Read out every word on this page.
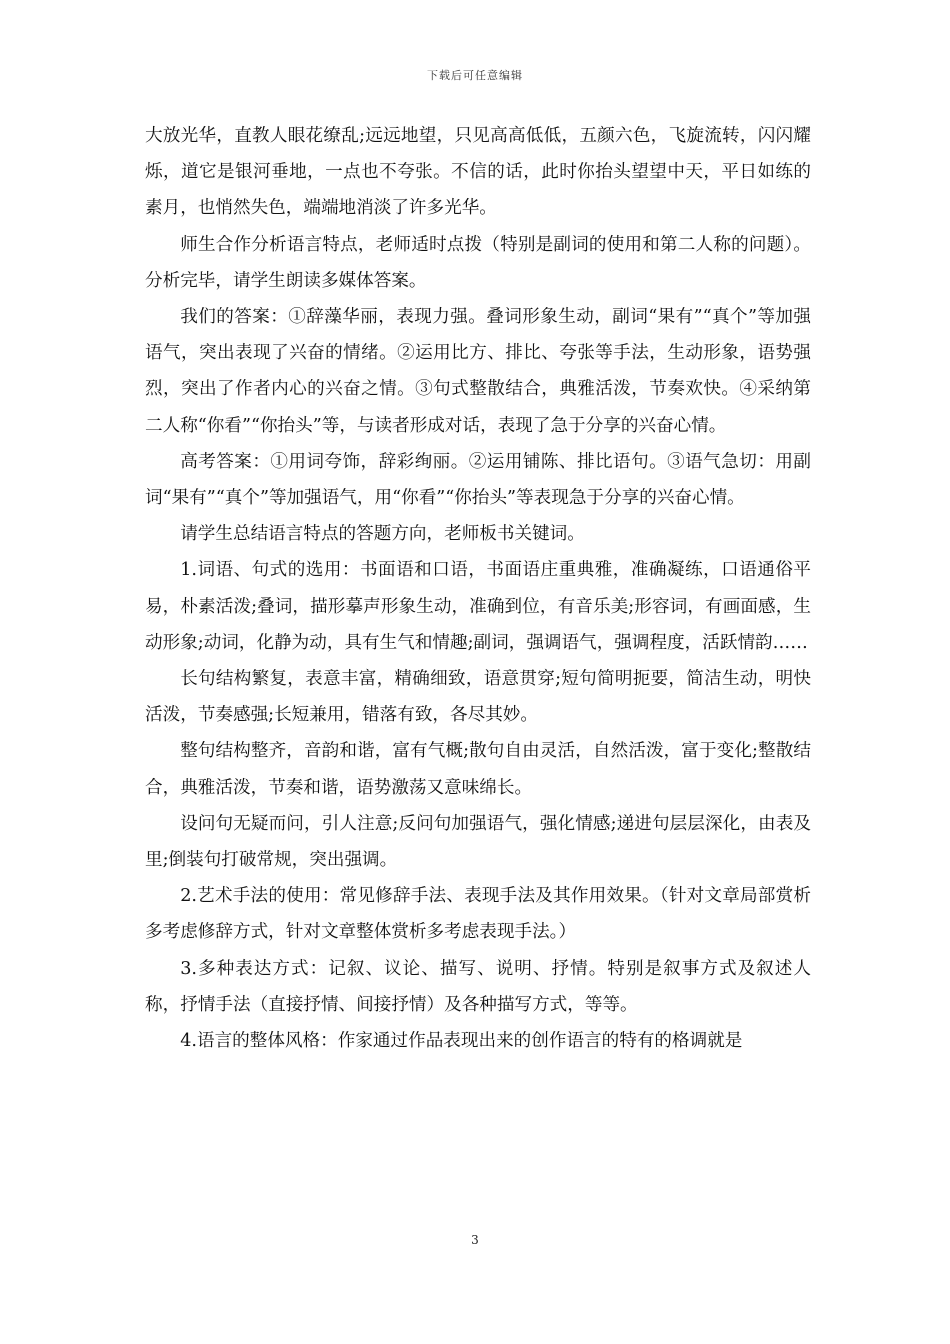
下载后可任意编辑

大放光华，直教人眼花缭乱;远远地望，只见高高低低，五颜六色，飞旋流转，闪闪耀烁，道它是银河垂地，一点也不夸张。不信的话，此时你抬头望望中天，平日如练的素月，也悄然失色，端端地消淡了许多光华。

师生合作分析语言特点，老师适时点拨（特别是副词的使用和第二人称的问题）。分析完毕，请学生朗读多媒体答案。

我们的答案：①辞藻华丽，表现力强。叠词形象生动，副词“果有”“真个”等加强语气，突出表现了兴奋的情绪。②运用比方、排比、夸张等手法，生动形象，语势强烈，突出了作者内心的兴奋之情。③句式整散结合，典雅活泼，节奏欢快。④采纳第二人称“你看”“你抬头”等，与读者形成对话，表现了急于分享的兴奋心情。

高考答案：①用词夸饰，辞彩绚丽。②运用铺陈、排比语句。③语气急切：用副词“果有”“真个”等加强语气，用“你看”“你抬头”等表现急于分享的兴奋心情。

请学生总结语言特点的答题方向，老师板书关键词。

1.词语、句式的选用：书面语和口语，书面语庄重典雅，准确凝练，口语通俗平易，朴素活泼;叠词，描形摹声形象生动，准确到位，有音乐美;形容词，有画面感，生动形象;动词，化静为动，具有生气和情趣;副词，强调语气，强调程度，活跃情韵……

长句结构繁复，表意丰富，精确细致，语意贯穿;短句简明扼要，简洁生动，明快活泼，节奏感强;长短兼用，错落有致，各尽其妙。

整句结构整齐，音韵和谐，富有气概;散句自由灵活，自然活泼，富于变化;整散结合，典雅活泼，节奏和谐，语势激荡又意味绵长。

设问句无疑而问，引人注意;反问句加强语气，强化情感;递进句层层深化，由表及里;倒装句打破常规，突出强调。

2.艺术手法的使用：常见修辞手法、表现手法及其作用效果。（针对文章局部赏析多考虑修辞方式，针对文章整体赏析多考虑表现手法。）

3.多种表达方式：记叙、议论、描写、说明、抒情。特别是叙事方式及叙述人称，抒情手法（直接抒情、间接抒情）及各种描写方式，等等。

4.语言的整体风格：作家通过作品表现出来的创作语言的特有的格调就是

3
